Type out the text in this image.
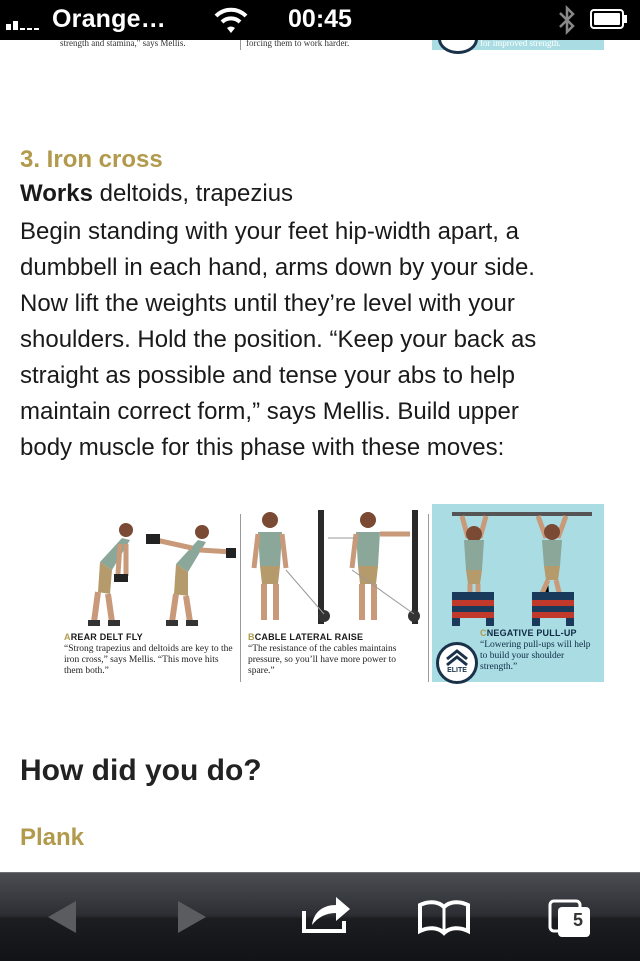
Orange…	00:45
strength and stamina," says Mellis.	forcing them to work harder.	for improved strength.
3. Iron cross
Works deltoids, trapezius
Begin standing with your feet hip-width apart, a
dumbbell in each hand, arms down by your side.
Now lift the weights until they’re level with your
shoulders. Hold the position. “Keep your back as
straight as possible and tense your abs to help
maintain correct form,” says Mellis. Build upper
body muscle for this phase with these moves:
AREAR DELT FLY
“Strong trapezius and deltoids are key to the iron cross,” says Mellis. “This move hits them both.”
BCABLE LATERAL RAISE
“The resistance of the cables maintains pressure, so you’ll have more power to spare.”	ELITE
CNEGATIVE PULL-UP
“Lowering pull-ups will help to build your shoulder strength.”
How did you do?
Plank
5
